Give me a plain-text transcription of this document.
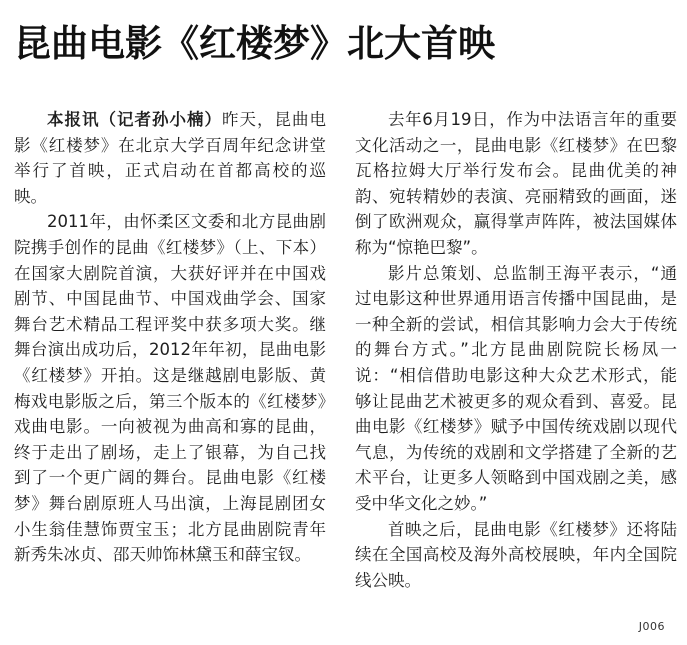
昆曲电影《红楼梦》北大首映

本报讯（记者孙小楠）昨天，昆曲电影《红楼梦》在北京大学百周年纪念讲堂举行了首映，正式启动在首都高校的巡映。

2011年，由怀柔区文委和北方昆曲剧院携手创作的昆曲《红楼梦》（上、下本）在国家大剧院首演，大获好评并在中国戏剧节、中国昆曲节、中国戏曲学会、国家舞台艺术精品工程评奖中获多项大奖。继舞台演出成功后，2012年年初，昆曲电影《红楼梦》开拍。这是继越剧电影版、黄梅戏电影版之后，第三个版本的《红楼梦》戏曲电影。一向被视为曲高和寡的昆曲，终于走出了剧场，走上了银幕，为自己找到了一个更广阔的舞台。昆曲电影《红楼梦》舞台剧原班人马出演，上海昆剧团女小生翁佳慧饰贾宝玉；北方昆曲剧院青年新秀朱冰贞、邵天帅饰林黛玉和薛宝钗。

去年6月19日，作为中法语言年的重要文化活动之一，昆曲电影《红楼梦》在巴黎瓦格拉姆大厅举行发布会。昆曲优美的神韵、宛转精妙的表演、亮丽精致的画面，迷倒了欧洲观众，赢得掌声阵阵，被法国媒体称为“惊艳巴黎”。

影片总策划、总监制王海平表示，“通过电影这种世界通用语言传播中国昆曲，是一种全新的尝试，相信其影响力会大于传统的舞台方式。”北方昆曲剧院院长杨凤一说：“相信借助电影这种大众艺术形式，能够让昆曲艺术被更多的观众看到、喜爱。昆曲电影《红楼梦》赋予中国传统戏剧以现代气息，为传统的戏剧和文学搭建了全新的艺术平台，让更多人领略到中国戏剧之美，感受中华文化之妙。”

首映之后，昆曲电影《红楼梦》还将陆续在全国高校及海外高校展映，年内全国院线公映。

J006
